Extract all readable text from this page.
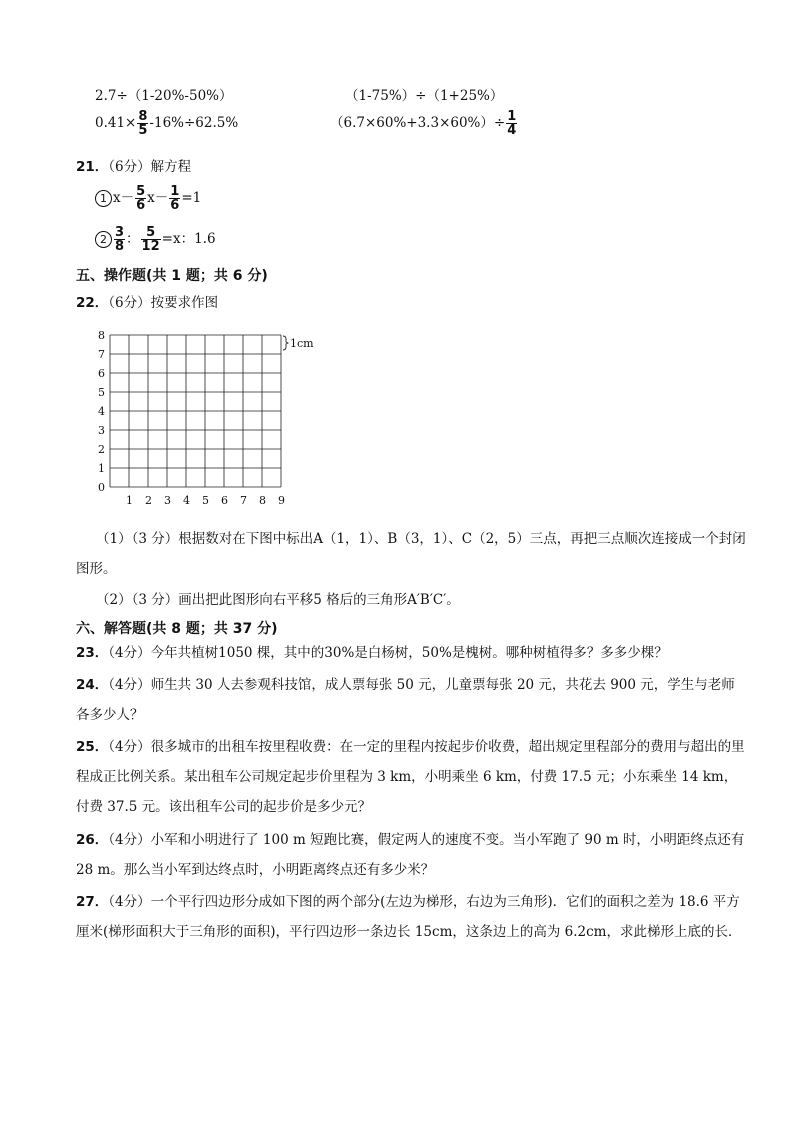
2.7÷（1-20%-50%）	（1-75%）÷（1+25%）
$0.41\times \frac{8}{5} -16\%\div 62.5\%$	$(6.7\times 60\%+3.3\times 60\%)\div \frac{1}{4}$
21．（6分）解方程
1 $x- \frac{5}{6} x- \frac{1}{6} =1$
$2 \frac{3}{8}$ ： $\frac{5}{12} =x$：1.6
五、操作题(共 1 题；共 6 分)
22．（6分）按要求作图
0
1
2
3
4
5
6
7
8
1 2 3 4 5 6 7 8 9
1cm
（1）（3 分）根据数对在下图中标出A（1，1）、B（3，1）、C（2，5）三点，再把三点顺次连接成一个封闭图形。
（2）（3 分）画出把此图形向右平移5 格后的三角形A′B′C′。
六、解答题(共 8 题；共 37 分)
23．（4分）今年共植树1050 棵，其中的30%是白杨树，50%是槐树。哪种树植得多？多多少棵？
24．（4分）师生共 30 人去参观科技馆，成人票每张 50 元，儿童票每张 20 元，共花去 900 元，学生与老师各多少人？
25．（4分）很多城市的出租车按里程收费：在一定的里程内按起步价收费，超出规定里程部分的费用与超出的里程成正比例关系。某出租车公司规定起步价里程为 3 km，小明乘坐 6 km，付费 17.5 元；小东乘坐 14 km，付费 37.5 元。该出租车公司的起步价是多少元？
26．（4分）小军和小明进行了 100 m 短跑比赛，假定两人的速度不变。当小军跑了 90 m 时，小明距终点还有 28 m。那么当小军到达终点时，小明距离终点还有多少米？
27．（4分）一个平行四边形分成如下图的两个部分(左边为梯形，右边为三角形)．它们的面积之差为 18.6 平方厘米(梯形面积大于三角形的面积)，平行四边形一条边长 15cm，这条边上的高为 6.2cm，求此梯形上底的长．
